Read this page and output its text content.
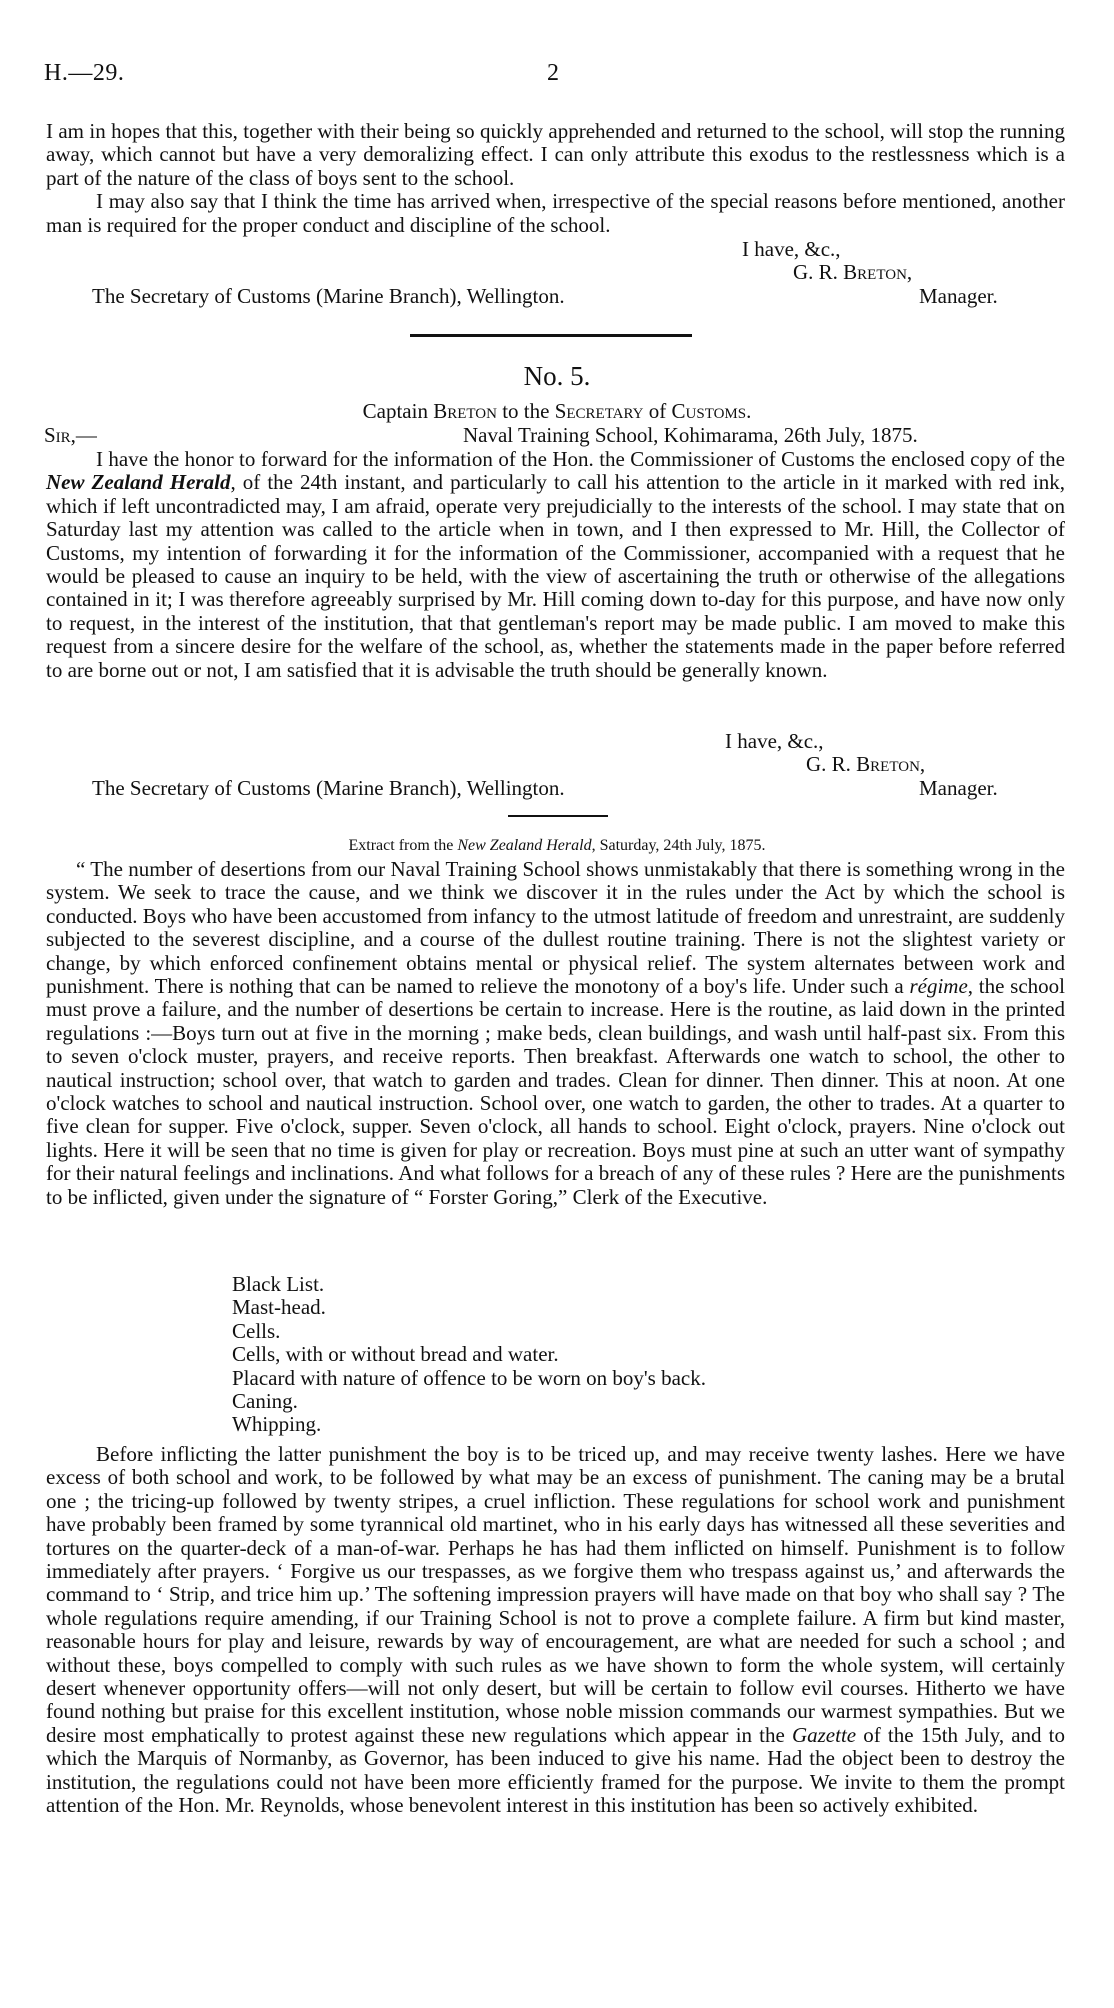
H.—29.	2

I am in hopes that this, together with their being so quickly apprehended and returned to the school, will stop the running away, which cannot but have a very demoralizing effect. I can only attribute this exodus to the restlessness which is a part of the nature of the class of boys sent to the school.

I may also say that I think the time has arrived when, irrespective of the special reasons before mentioned, another man is required for the proper conduct and discipline of the school.

I have, &c.,
G. R. Breton,
The Secretary of Customs (Marine Branch), Wellington.	Manager.
No. 5.
Captain Breton to the Secretary of Customs.
Sir,—	Naval Training School, Kohimarama, 26th July, 1875.

I have the honor to forward for the information of the Hon. the Commissioner of Customs the enclosed copy of the New Zealand Herald, of the 24th instant, and particularly to call his attention to the article in it marked with red ink, which if left uncontradicted may, I am afraid, operate very prejudicially to the interests of the school. I may state that on Saturday last my attention was called to the article when in town, and I then expressed to Mr. Hill, the Collector of Customs, my intention of forwarding it for the information of the Commissioner, accompanied with a request that he would be pleased to cause an inquiry to be held, with the view of ascertaining the truth or otherwise of the allegations contained in it; I was therefore agreeably surprised by Mr. Hill coming down to-day for this purpose, and have now only to request, in the interest of the institution, that that gentleman's report may be made public. I am moved to make this request from a sincere desire for the welfare of the school, as, whether the statements made in the paper before referred to are borne out or not, I am satisfied that it is advisable the truth should be generally known.

I have, &c.,
G. R. Breton,
The Secretary of Customs (Marine Branch), Wellington.	Manager.
Extract from the New Zealand Herald, Saturday, 24th July, 1875.

“ The number of desertions from our Naval Training School shows unmistakably that there is something wrong in the system. We seek to trace the cause, and we think we discover it in the rules under the Act by which the school is conducted. Boys who have been accustomed from infancy to the utmost latitude of freedom and unrestraint, are suddenly subjected to the severest discipline, and a course of the dullest routine training. There is not the slightest variety or change, by which enforced confinement obtains mental or physical relief. The system alternates between work and punishment. There is nothing that can be named to relieve the monotony of a boy's life. Under such a régime, the school must prove a failure, and the number of desertions be certain to increase. Here is the routine, as laid down in the printed regulations :—Boys turn out at five in the morning ; make beds, clean buildings, and wash until half-past six. From this to seven o'clock muster, prayers, and receive reports. Then breakfast. Afterwards one watch to school, the other to nautical instruction; school over, that watch to garden and trades. Clean for dinner. Then dinner. This at noon. At one o'clock watches to school and nautical instruction. School over, one watch to garden, the other to trades. At a quarter to five clean for supper. Five o'clock, supper. Seven o'clock, all hands to school. Eight o'clock, prayers. Nine o'clock out lights. Here it will be seen that no time is given for play or recreation. Boys must pine at such an utter want of sympathy for their natural feelings and inclinations. And what follows for a breach of any of these rules ? Here are the punishments to be inflicted, given under the signature of “ Forster Goring,” Clerk of the Executive.

Black List.
Mast-head.
Cells.
Cells, with or without bread and water.
Placard with nature of offence to be worn on boy's back.
Caning.
Whipping.

Before inflicting the latter punishment the boy is to be triced up, and may receive twenty lashes. Here we have excess of both school and work, to be followed by what may be an excess of punishment. The caning may be a brutal one ; the tricing-up followed by twenty stripes, a cruel infliction. These regulations for school work and punishment have probably been framed by some tyrannical old martinet, who in his early days has witnessed all these severities and tortures on the quarter-deck of a man-of-war. Perhaps he has had them inflicted on himself. Punishment is to follow immediately after prayers. ‘ Forgive us our trespasses, as we forgive them who trespass against us,’ and afterwards the command to ‘ Strip, and trice him up.’ The softening impression prayers will have made on that boy who shall say ? The whole regulations require amending, if our Training School is not to prove a complete failure. A firm but kind master, reasonable hours for play and leisure, rewards by way of encouragement, are what are needed for such a school ; and without these, boys compelled to comply with such rules as we have shown to form the whole system, will certainly desert whenever opportunity offers—will not only desert, but will be certain to follow evil courses. Hitherto we have found nothing but praise for this excellent institution, whose noble mission commands our warmest sympathies. But we desire most emphatically to protest against these new regulations which appear in the Gazette of the 15th July, and to which the Marquis of Normanby, as Governor, has been induced to give his name. Had the object been to destroy the institution, the regulations could not have been more efficiently framed for the purpose. We invite to them the prompt attention of the Hon. Mr. Reynolds, whose benevolent interest in this institution has been so actively exhibited.
